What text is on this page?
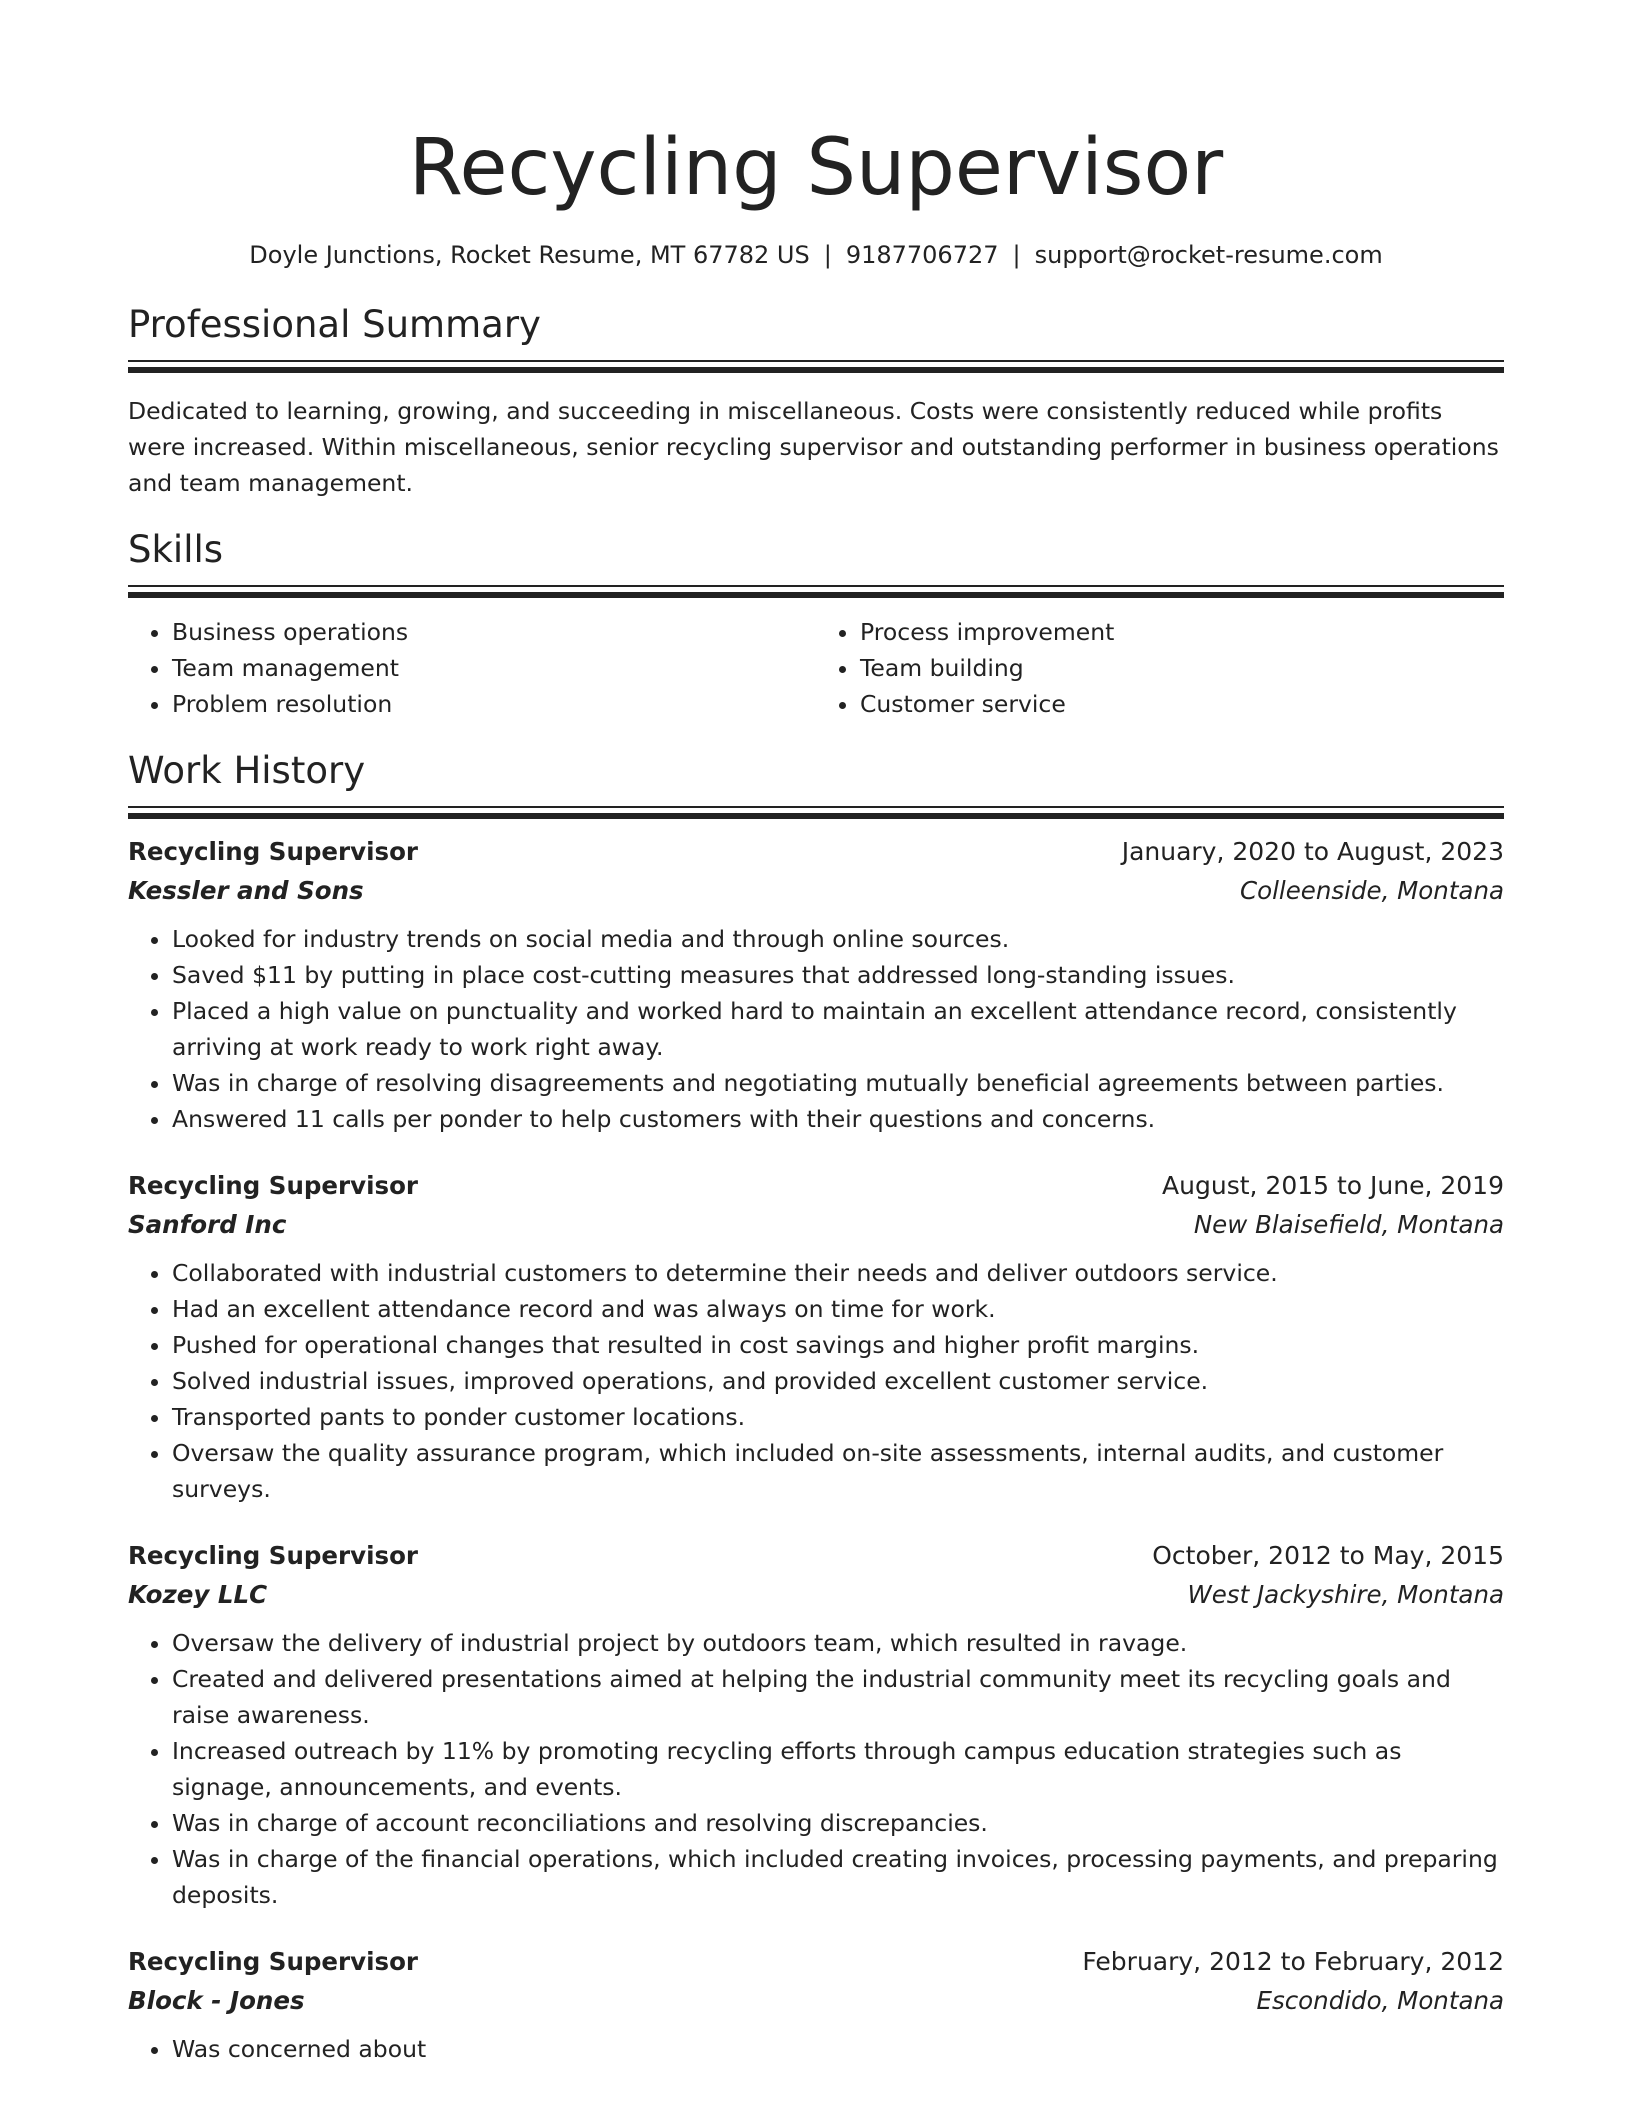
Recycling Supervisor
Doyle Junctions, Rocket Resume, MT 67782 US | 9187706727 | support@rocket-resume.com
Professional Summary
Dedicated to learning, growing, and succeeding in miscellaneous. Costs were consistently reduced while profits were increased. Within miscellaneous, senior recycling supervisor and outstanding performer in business operations and team management.
Skills
• Business operations
• Team management
• Problem resolution
• Process improvement
• Team building
• Customer service
Work History
Recycling Supervisor	January, 2020 to August, 2023
Kessler and Sons	Colleenside, Montana
• Looked for industry trends on social media and through online sources.
• Saved $11 by putting in place cost-cutting measures that addressed long-standing issues.
• Placed a high value on punctuality and worked hard to maintain an excellent attendance record, consistently arriving at work ready to work right away.
• Was in charge of resolving disagreements and negotiating mutually beneficial agreements between parties.
• Answered 11 calls per ponder to help customers with their questions and concerns.
Recycling Supervisor	August, 2015 to June, 2019
Sanford Inc	New Blaisefield, Montana
• Collaborated with industrial customers to determine their needs and deliver outdoors service.
• Had an excellent attendance record and was always on time for work.
• Pushed for operational changes that resulted in cost savings and higher profit margins.
• Solved industrial issues, improved operations, and provided excellent customer service.
• Transported pants to ponder customer locations.
• Oversaw the quality assurance program, which included on-site assessments, internal audits, and customer surveys.
Recycling Supervisor	October, 2012 to May, 2015
Kozey LLC	West Jackyshire, Montana
• Oversaw the delivery of industrial project by outdoors team, which resulted in ravage.
• Created and delivered presentations aimed at helping the industrial community meet its recycling goals and raise awareness.
• Increased outreach by 11% by promoting recycling efforts through campus education strategies such as signage, announcements, and events.
• Was in charge of account reconciliations and resolving discrepancies.
• Was in charge of the financial operations, which included creating invoices, processing payments, and preparing deposits.
Recycling Supervisor	February, 2012 to February, 2012
Block - Jones	Escondido, Montana
• Was concerned about
